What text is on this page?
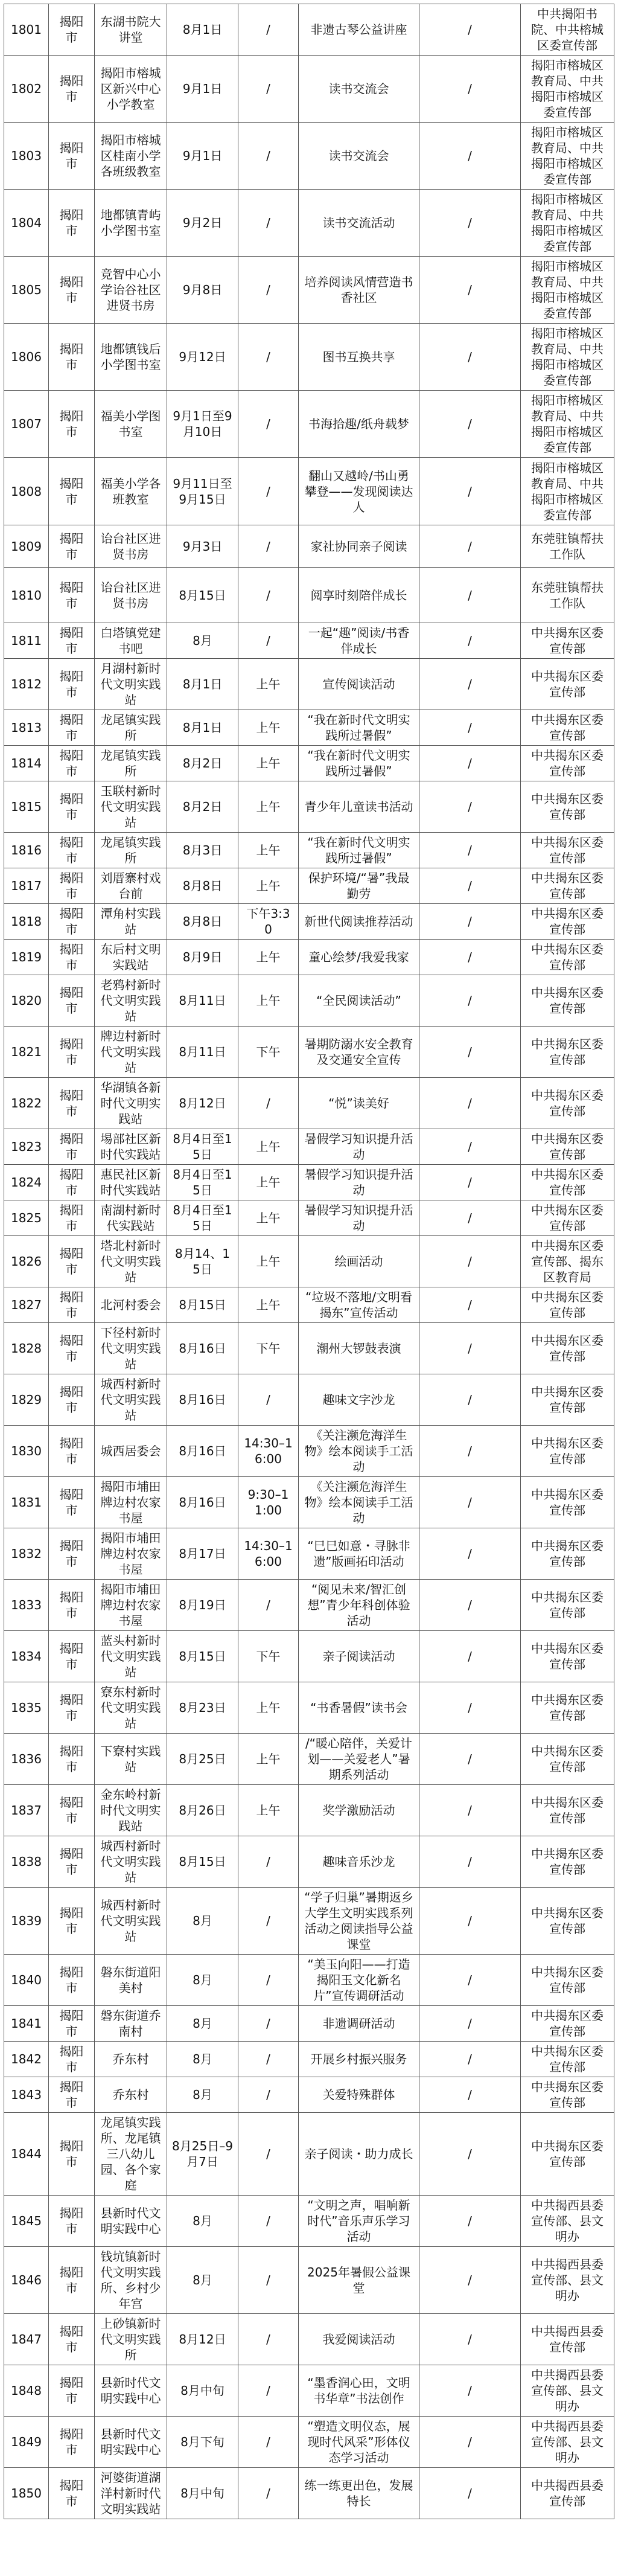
1801	揭阳市	东湖书院大讲堂	8月1日	/	非遗古琴公益讲座	/	中共揭阳书院、中共榕城区委宣传部
1802	揭阳市	揭阳市榕城区新兴中心小学教室	9月1日	/	读书交流会	/	揭阳市榕城区教育局、中共揭阳市榕城区委宣传部
1803	揭阳市	揭阳市榕城区桂南小学各班级教室	9月1日	/	读书交流会	/	揭阳市榕城区教育局、中共揭阳市榕城区委宣传部
1804	揭阳市	地都镇青屿小学图书室	9月2日	/	读书交流活动	/	揭阳市榕城区教育局、中共揭阳市榕城区委宣传部
1805	揭阳市	竞智中心小学诒谷社区进贤书房	9月8日	/	培养阅读风情营造书香社区	/	揭阳市榕城区教育局、中共揭阳市榕城区委宣传部
1806	揭阳市	地都镇钱后小学图书室	9月12日	/	图书互换共享	/	揭阳市榕城区教育局、中共揭阳市榕城区委宣传部
1807	揭阳市	福美小学图书室	9月1日至9月10日	/	书海拾趣/纸舟载梦	/	揭阳市榕城区教育局、中共揭阳市榕城区委宣传部
1808	揭阳市	福美小学各班教室	9月11日至9月15日	/	翻山又越岭/书山勇攀登——发现阅读达人	/	揭阳市榕城区教育局、中共揭阳市榕城区委宣传部
1809	揭阳市	诒台社区进贤书房	9月3日	/	家社协同亲子阅读	/	东莞驻镇帮扶工作队
1810	揭阳市	诒台社区进贤书房	8月15日	/	阅享时刻陪伴成长	/	东莞驻镇帮扶工作队
1811	揭阳市	白塔镇党建书吧	8月	/	一起“趣”阅读/书香伴成长	/	中共揭东区委宣传部
1812	揭阳市	月湖村新时代文明实践站	8月1日	上午	宣传阅读活动	/	中共揭东区委宣传部
1813	揭阳市	龙尾镇实践所	8月1日	上午	“我在新时代文明实践所过暑假”	/	中共揭东区委宣传部
1814	揭阳市	龙尾镇实践所	8月2日	上午	“我在新时代文明实践所过暑假”	/	中共揭东区委宣传部
1815	揭阳市	玉联村新时代文明实践站	8月2日	上午	青少年儿童读书活动	/	中共揭东区委宣传部
1816	揭阳市	龙尾镇实践所	8月3日	上午	“我在新时代文明实践所过暑假”	/	中共揭东区委宣传部
1817	揭阳市	刘厝寨村戏台前	8月8日	上午	保护环境/“暑”我最勤劳	/	中共揭东区委宣传部
1818	揭阳市	潭角村实践站	8月8日	下午3:30	新世代阅读推荐活动	/	中共揭东区委宣传部
1819	揭阳市	东后村文明实践站	8月9日	上午	童心绘梦/我爱我家	/	中共揭东区委宣传部
1820	揭阳市	老鸦村新时代文明实践站	8月11日	上午	“全民阅读活动”	/	中共揭东区委宣传部
1821	揭阳市	牌边村新时代文明实践站	8月11日	下午	暑期防溺水安全教育及交通安全宣传	/	中共揭东区委宣传部
1822	揭阳市	华湖镇各新时代文明实践站	8月12日	/	“悦”读美好	/	中共揭东区委宣传部
1823	揭阳市	埸部社区新时代实践站	8月4日至15日	上午	暑假学习知识提升活动	/	中共揭东区委宣传部
1824	揭阳市	惠民社区新时代实践站	8月4日至15日	上午	暑假学习知识提升活动	/	中共揭东区委宣传部
1825	揭阳市	南湖村新时代实践站	8月4日至15日	上午	暑假学习知识提升活动	/	中共揭东区委宣传部
1826	揭阳市	塔北村新时代文明实践站	8月14、15日	上午	绘画活动	/	中共揭东区委宣传部、揭东区教育局
1827	揭阳市	北河村委会	8月15日	上午	“垃圾不落地/文明看揭东”宣传活动	/	中共揭东区委宣传部
1828	揭阳市	下径村新时代文明实践站	8月16日	下午	潮州大锣鼓表演	/	中共揭东区委宣传部
1829	揭阳市	城西村新时代文明实践站	8月16日	/	趣味文字沙龙	/	中共揭东区委宣传部
1830	揭阳市	城西居委会	8月16日	14:30–16:00	《关注濒危海洋生物》绘本阅读手工活动	/	中共揭东区委宣传部
1831	揭阳市	揭阳市埔田牌边村农家书屋	8月16日	9:30–11:00	《关注濒危海洋生物》绘本阅读手工活动	/	中共揭东区委宣传部
1832	揭阳市	揭阳市埔田牌边村农家书屋	8月17日	14:30–16:00	“巳巳如意・寻脉非遗”版画拓印活动	/	中共揭东区委宣传部
1833	揭阳市	揭阳市埔田牌边村农家书屋	8月19日	/	“阅见未来/智汇创想”青少年科创体验活动	/	中共揭东区委宣传部
1834	揭阳市	蓝头村新时代文明实践站	8月15日	下午	亲子阅读活动	/	中共揭东区委宣传部
1835	揭阳市	寮东村新时代文明实践站	8月23日	上午	“书香暑假”读书会	/	中共揭东区委宣传部
1836	揭阳市	下寮村实践站	8月25日	上午	/“暖心陪伴，关爱计划——关爱老人”暑期系列活动	/	中共揭东区委宣传部
1837	揭阳市	金东岭村新时代文明实践站	8月26日	上午	奖学激励活动	/	中共揭东区委宣传部
1838	揭阳市	城西村新时代文明实践站	8月15日	/	趣味音乐沙龙	/	中共揭东区委宣传部
1839	揭阳市	城西村新时代文明实践站	8月	/	“学子归巢”暑期返乡大学生文明实践系列活动之阅读指导公益课堂	/	中共揭东区委宣传部
1840	揭阳市	磐东街道阳美村	8月	/	“美玉向阳——打造揭阳玉文化新名片”宣传调研活动	/	中共揭东区委宣传部
1841	揭阳市	磐东街道乔南村	8月	/	非遗调研活动	/	中共揭东区委宣传部
1842	揭阳市	乔东村	8月	/	开展乡村振兴服务	/	中共揭东区委宣传部
1843	揭阳市	乔东村	8月	/	关爱特殊群体	/	中共揭东区委宣传部
1844	揭阳市	龙尾镇实践所、龙尾镇三八幼儿园、各个家庭	8月25日–9月7日	/	亲子阅读・助力成长	/	中共揭东区委宣传部
1845	揭阳市	县新时代文明实践中心	8月	/	“文明之声，唱响新时代”音乐声乐学习活动	/	中共揭西县委宣传部、县文明办
1846	揭阳市	钱坑镇新时代文明实践所、乡村少年宫	8月	/	2025年暑假公益课堂	/	中共揭西县委宣传部、县文明办
1847	揭阳市	上砂镇新时代文明实践所	8月12日	/	我爱阅读活动	/	中共揭西县委宣传部
1848	揭阳市	县新时代文明实践中心	8月中旬	/	“墨香润心田，文明书华章”书法创作	/	中共揭西县委宣传部、县文明办
1849	揭阳市	县新时代文明实践中心	8月下旬	/	“塑造文明仪态，展现时代风采”形体仪态学习活动	/	中共揭西县委宣传部、县文明办
1850	揭阳市	河婆街道湖洋村新时代文明实践站	8月中旬	/	练一练更出色，发展特长	/	中共揭西县委宣传部
